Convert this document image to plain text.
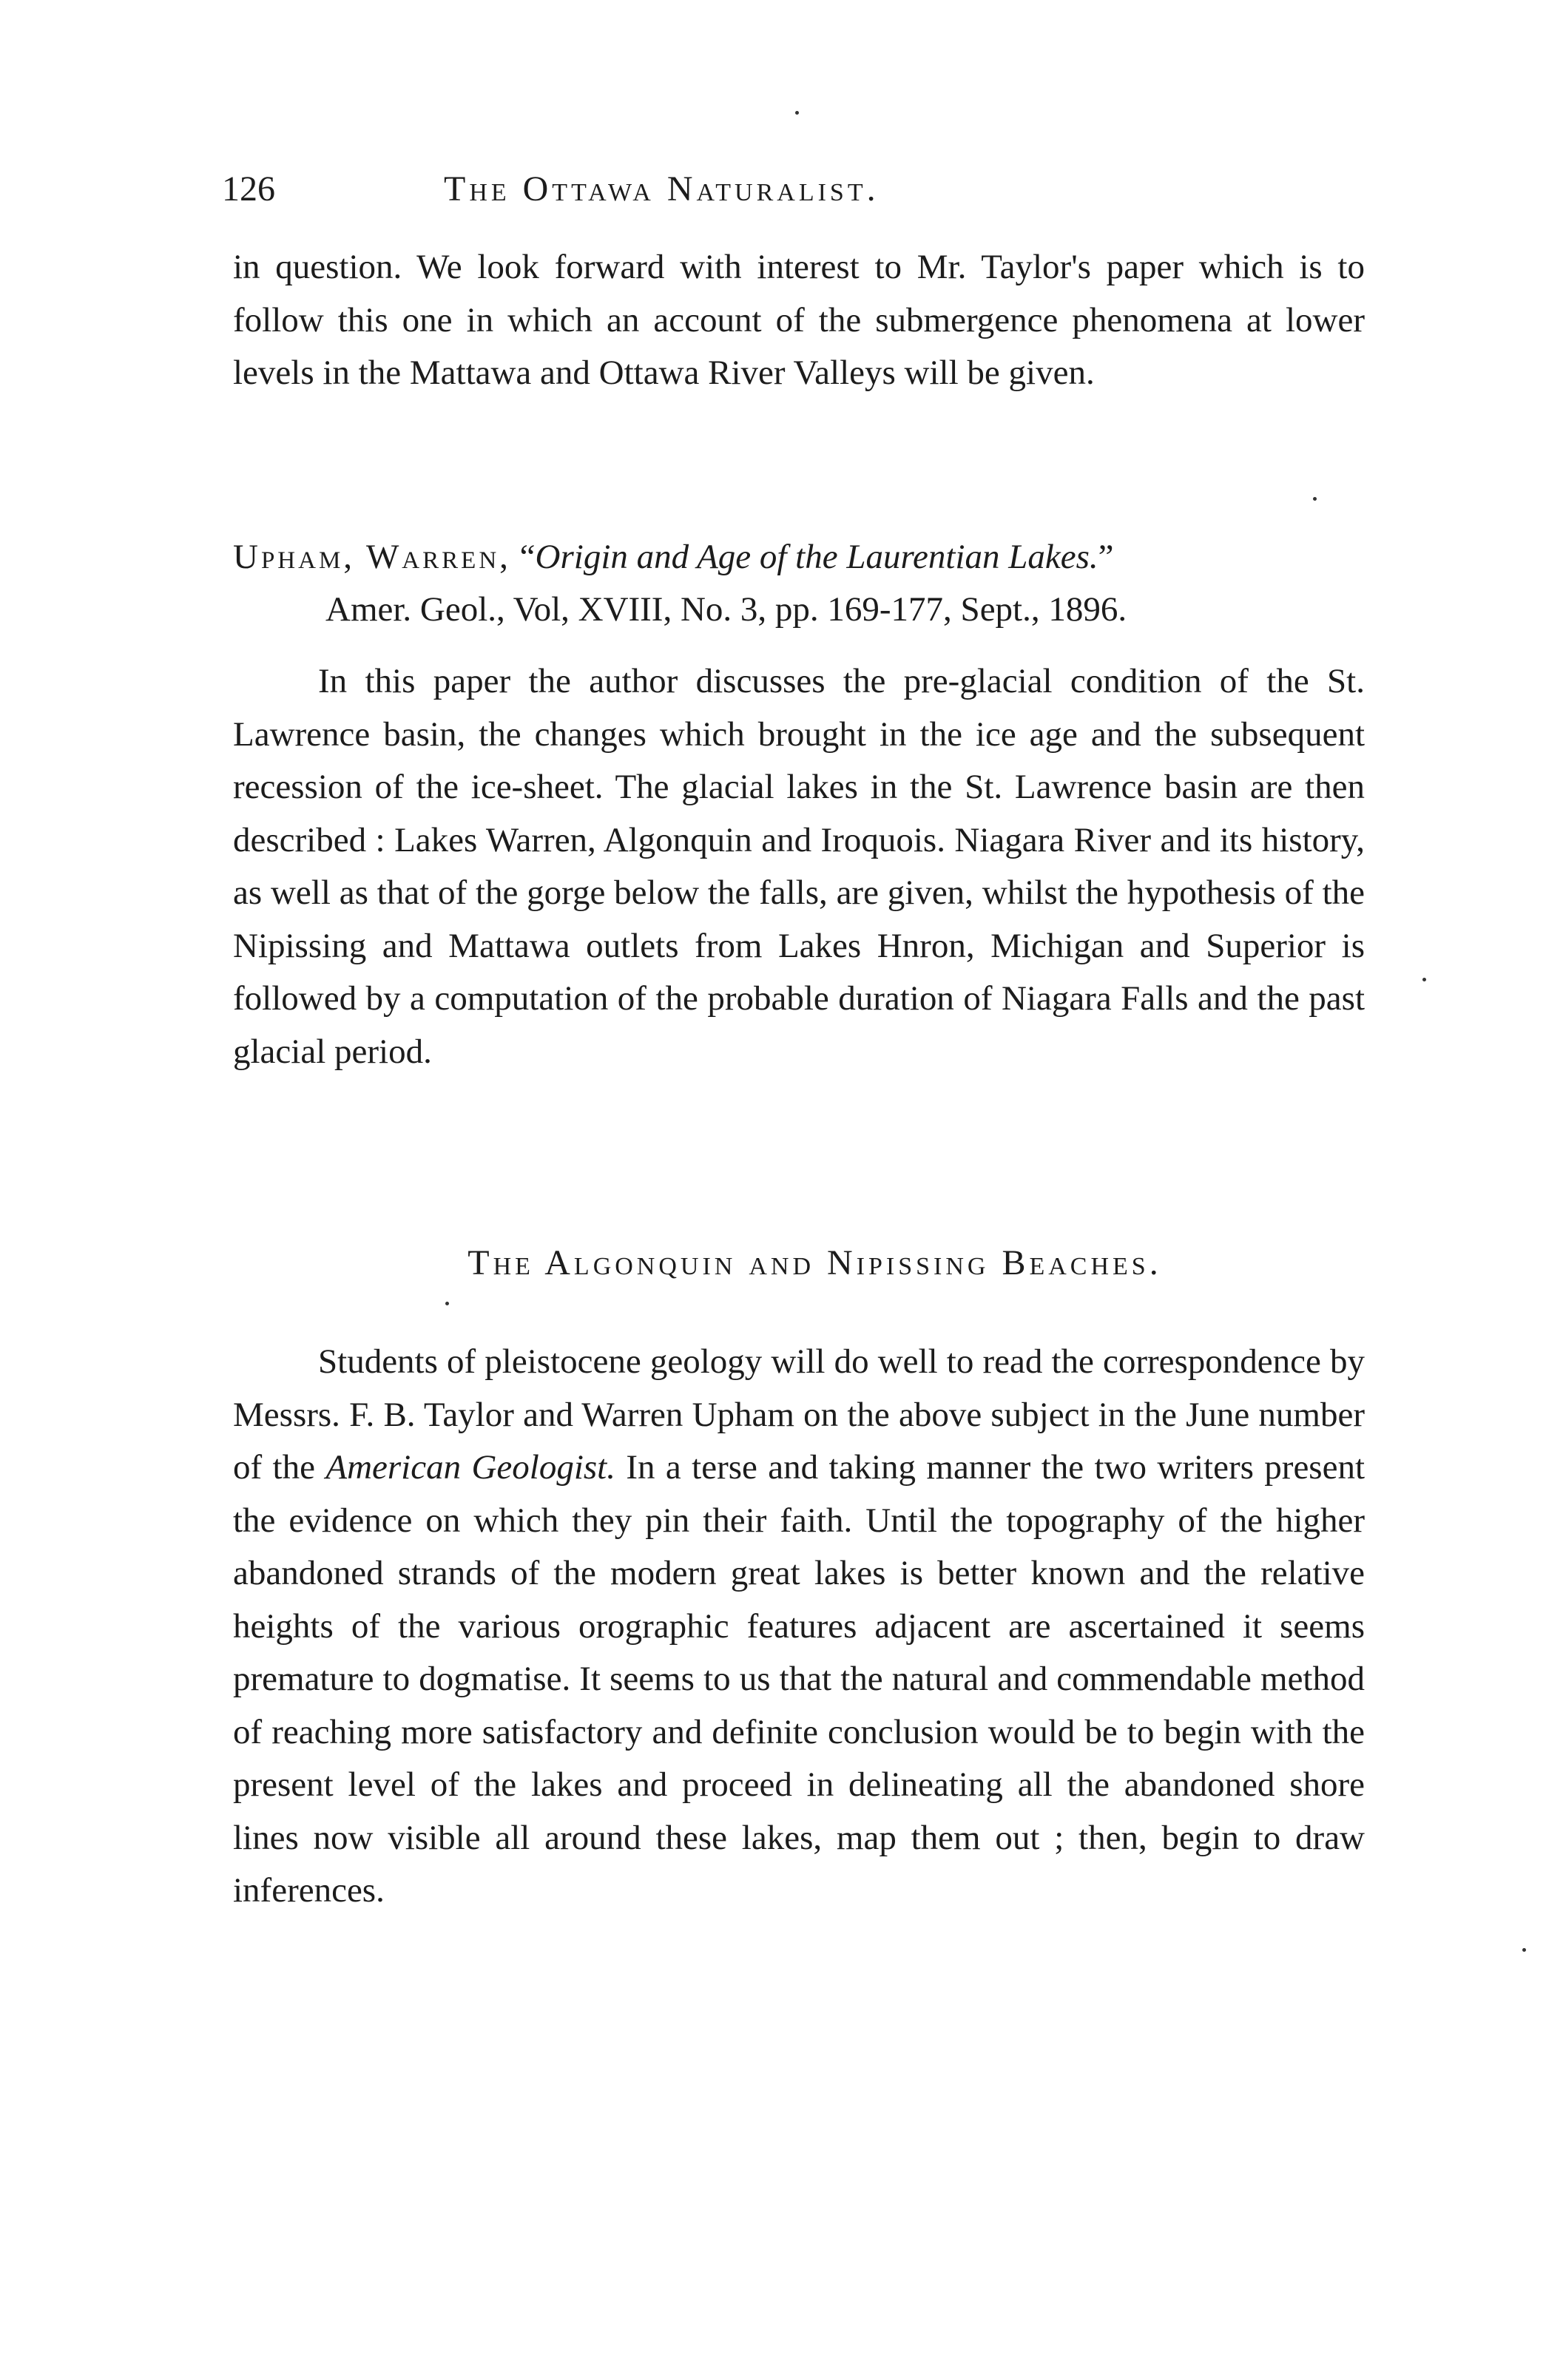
126	The Ottawa Naturalist.

in question. We look forward with interest to Mr. Taylor's paper which is to follow this one in which an account of the submergence phenomena at lower levels in the Mattawa and Ottawa River Valleys will be given.

Upham, Warren, “Origin and Age of the Laurentian Lakes.”
Amer. Geol., Vol, XVIII, No. 3, pp. 169-177, Sept., 1896.

In this paper the author discusses the pre-glacial condition of the St. Lawrence basin, the changes which brought in the ice age and the subsequent recession of the ice-sheet. The glacial lakes in the St. Lawrence basin are then described : Lakes Warren, Algonquin and Iroquois. Niagara River and its history, as well as that of the gorge below the falls, are given, whilst the hypothesis of the Nipissing and Mattawa outlets from Lakes Hnron, Michigan and Superior is followed by a computation of the probable duration of Niagara Falls and the past glacial period.

The Algonquin and Nipissing Beaches.

Students of pleistocene geology will do well to read the correspondence by Messrs. F. B. Taylor and Warren Upham on the above subject in the June number of the American Geologist. In a terse and taking manner the two writers present the evidence on which they pin their faith. Until the topography of the higher abandoned strands of the modern great lakes is better known and the relative heights of the various orographic features adjacent are ascertained it seems premature to dogmatise. It seems to us that the natural and commendable method of reaching more satisfactory and definite conclusion would be to begin with the present level of the lakes and proceed in delineating all the abandoned shore lines now visible all around these lakes, map them out ; then, begin to draw inferences.
